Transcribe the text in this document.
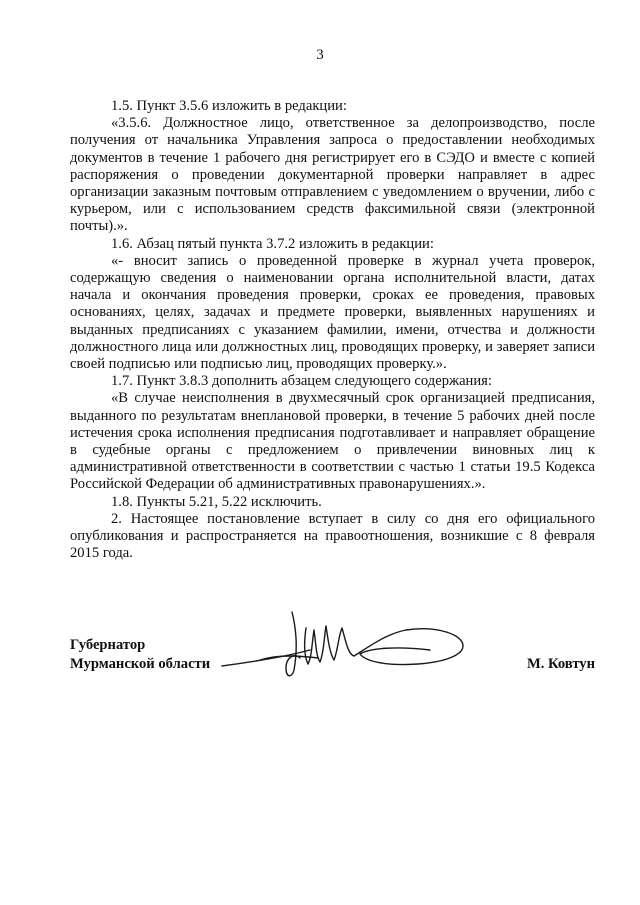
3

1.5. Пункт 3.5.6 изложить в редакции:

«3.5.6. Должностное лицо, ответственное за делопроизводство, после получения от начальника Управления запроса о предоставлении необходимых документов в течение 1 рабочего дня регистрирует его в СЭДО и вместе с копией распоряжения о проведении документарной проверки направляет в адрес организации заказным почтовым отправлением с уведомлением о вручении, либо с курьером, или с использованием средств факсимильной связи (электронной почты).».

1.6. Абзац пятый пункта 3.7.2 изложить в редакции:

«- вносит запись о проведенной проверке в журнал учета проверок, содержащую сведения о наименовании органа исполнительной власти, датах начала и окончания проведения проверки, сроках ее проведения, правовых основаниях, целях, задачах и предмете проверки, выявленных нарушениях и выданных предписаниях с указанием фамилии, имени, отчества и должности должностного лица или должностных лиц, проводящих проверку, и заверяет записи своей подписью или подписью лиц, проводящих проверку.».

1.7. Пункт 3.8.3 дополнить абзацем следующего содержания:

«В случае неисполнения в двухмесячный срок организацией предписания, выданного по результатам внеплановой проверки, в течение 5 рабочих дней после истечения срока исполнения предписания подготавливает и направляет обращение в судебные органы с предложением о привлечении виновных лиц к административной ответственности в соответствии с частью 1 статьи 19.5 Кодекса Российской Федерации об административных правонарушениях.».

1.8. Пункты 5.21, 5.22 исключить.

2. Настоящее постановление вступает в силу со дня его официального опубликования и распространяется на правоотношения, возникшие с 8 февраля 2015 года.

Губернатор
Мурманской области	М. Ковтун
